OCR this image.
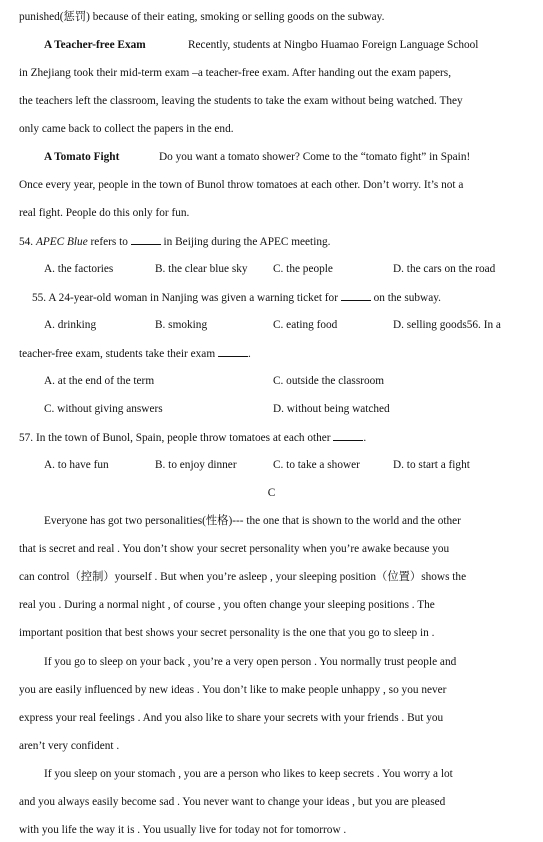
punished(惩罚) because of their eating, smoking or selling goods on the subway.
A Teacher-free Exam	Recently, students at Ningbo Huamao Foreign Language School
in Zhejiang took their mid-term exam –a teacher-free exam. After handing out the exam papers,
the teachers left the classroom, leaving the students to take the exam without being watched. They
only came back to collect the papers in the end.
A Tomato Fight	Do you want a tomato shower? Come to the “tomato fight” in Spain!
Once every year, people in the town of Bunol throw tomatoes at each other. Don’t worry. It’s not a
real fight. People do this only for fun.
54. APEC Blue refers to	in Beijing during the APEC meeting.
A. the factories	B. the clear blue sky C. the people	D. the cars on the road
55. A 24-year-old woman in Nanjing was given a warning ticket for	on the subway.
A. drinking	B. smoking	C. eating food	D. selling goods56. In a
teacher-free exam, students take their exam	.
A. at the end of the term	C. outside the classroom
C. without giving answers	D. without being watched
57. In the town of Bunol, Spain, people throw tomatoes at each other	.
A. to have fun	B. to enjoy dinner	C. to take a shower	D. to start a fight
C
Everyone has got two personalities(性格)--- the one that is shown to the world and the other
that is secret and real . You don’t show your secret personality when you’re awake because you
can control（控制）yourself . But when you’re asleep , your sleeping position（位置）shows the
real you . During a normal night , of course , you often change your sleeping positions . The
important position that best shows your secret personality is the one that you go to sleep in .
If you go to sleep on your back , you’re a very open person . You normally trust people and
you are easily influenced by new ideas . You don’t like to make people unhappy , so you never
express your real feelings . And you also like to share your secrets with your friends . But you
aren’t very confident .
If you sleep on your stomach , you are a person who likes to keep secrets . You worry a lot
and you always easily become sad . You never want to change your ideas , but you are pleased
with you life the way it is . You usually live for today not for tomorrow .
